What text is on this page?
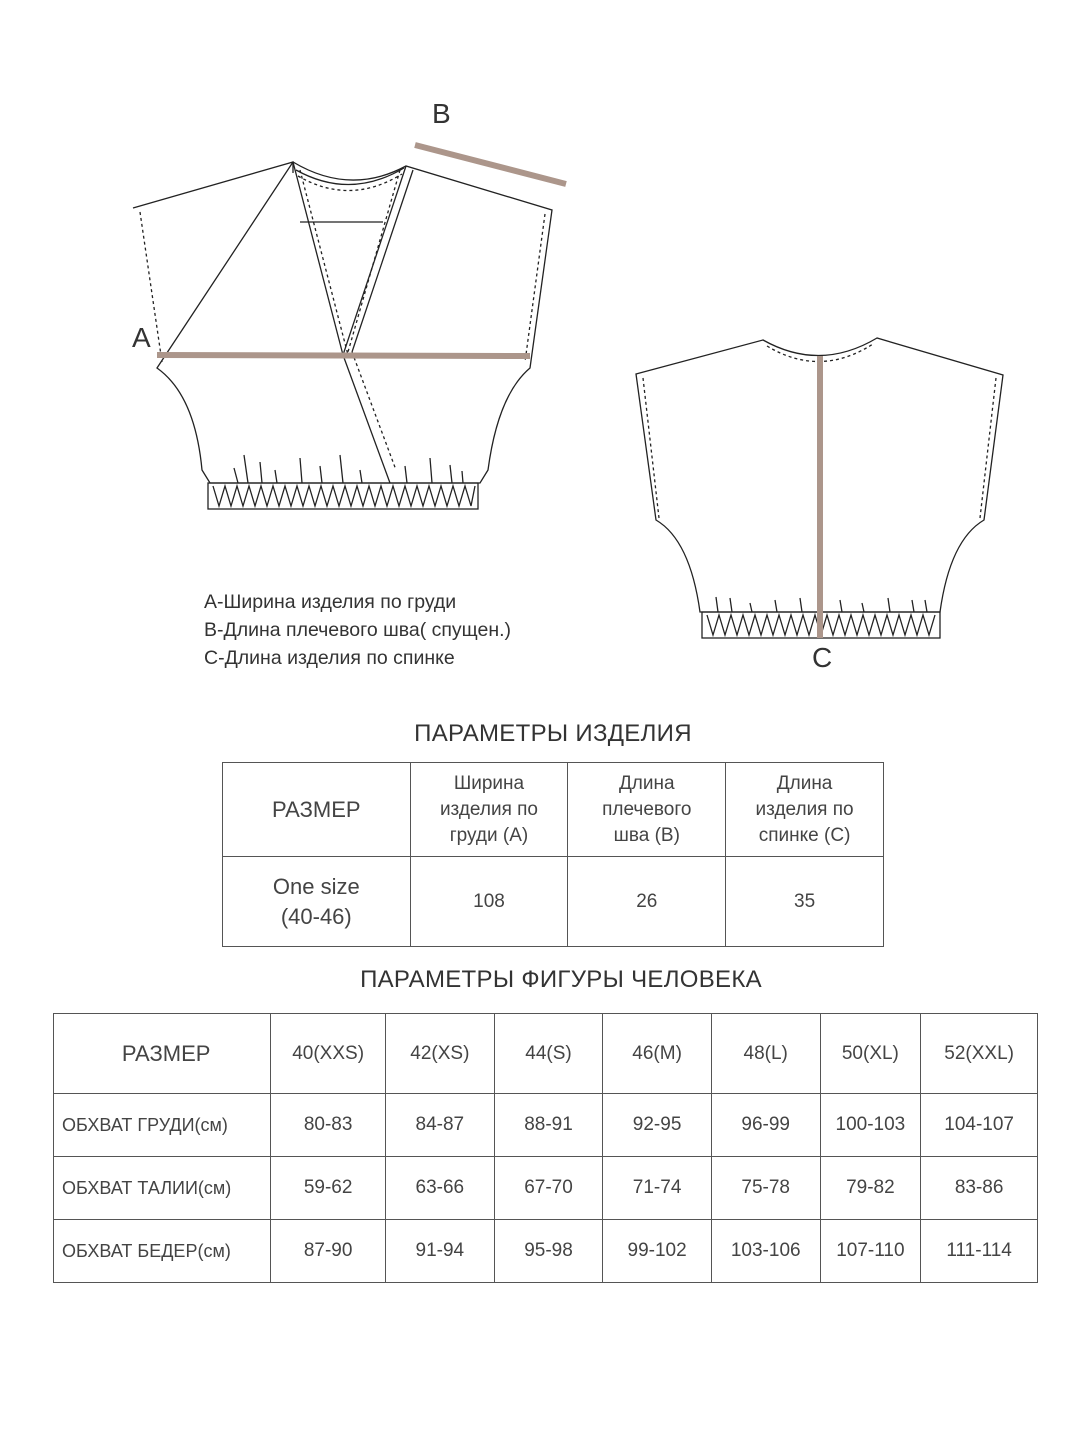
B
A
C
А-Ширина изделия по груди
В-Длина плечевого шва( спущен.)
С-Длина изделия по спинке
ПАРАМЕТРЫ ИЗДЕЛИЯ
РАЗМЕР	Ширина изделия по груди (А)	Длина плечевого шва (В)	Длина изделия по спинке (С)

One size
(40-46)	108	26	35
ПАРАМЕТРЫ ФИГУРЫ ЧЕЛОВЕКА
РАЗМЕР	40(XXS)	42(XS)	44(S)	46(M)	48(L)	50(XL)	52(XXL)
ОБХВАТ ГРУДИ(см)	80-83	84-87	88-91	92-95	96-99	100-103	104-107
ОБХВАТ ТАЛИИ(см)	59-62	63-66	67-70	71-74	75-78	79-82	83-86
ОБХВАТ БЕДЕР(см)	87-90	91-94	95-98	99-102	103-106	107-110	111-114
